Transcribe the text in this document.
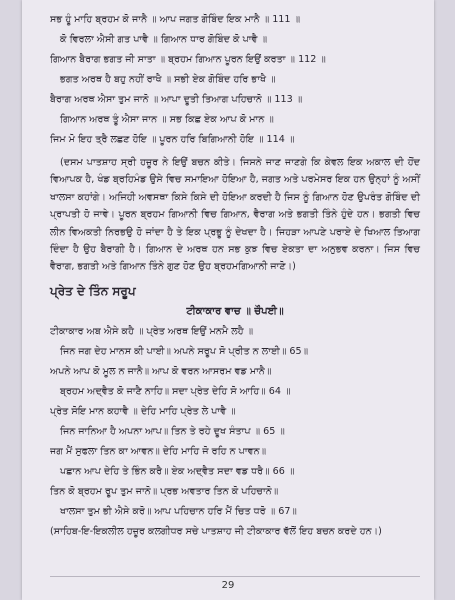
ਸਭ ਹੂੰ ਮਾਹਿ ਬ੍ਰਹਮ ਕੋ ਜਾਨੈ ॥ ਆਪ ਜਗਤ ਗੋਬਿੰਦ ਇਕ ਮਾਨੈ ॥ 111 ॥
ਕੋ ਵਿਰਲਾ ਐਸੀ ਗਤ ਪਾਵੈ ॥ ਗਿਆਨ ਧਾਰ ਗੋਬਿੰਦ ਕੋ ਪਾਵੈ ॥
ਗਿਆਨ ਬੈਰਾਗ ਭਗਤ ਜੀ ਸਾਤਾ ॥ ਬ੍ਰਹਮ ਗਿਆਨ ਪੂਰਨ ਇਉਂ ਕਰਤਾ ॥ 112 ॥
ਭਗਤ ਅਰਥ ਹੈ ਬਹੁ ਨਹੀਂ ਰਾਖੈ ॥ ਸਭੀ ਏਕ ਗੋਬਿੰਦ ਹਰਿ ਭਾਖੈ ॥
ਬੈਰਾਗ ਅਰਥ ਐਸਾ ਤੁਮ ਜਾਨੋ ॥ ਆਪਾ ਦੂਤੀ ਤਿਆਗ ਪਹਿਚਾਨੋ ॥ 113 ॥
ਗਿਆਨ ਅਰਥ ਤੂੰ ਐਸਾ ਜਾਨ ॥ ਸਭ ਕਿਛ ਏਕ ਆਪ ਕੋ ਮਾਨ ॥
ਜਿਮ ਮੋ ਇਹ ਤ੍ਰੈ ਲਛਣ ਹੋਇ ॥ ਪੂਰਨ ਹਰਿ ਬਿਗਿਆਨੀ ਹੋਇ ॥ 114 ॥
(ਦਸਮ ਪਾਤਸ਼ਾਹ ਸ੍ਰੀ ਹਜ਼ੂਰ ਨੇ ਇਉਂ ਬਚਨ ਕੀਤੇ। ਜਿਸਨੇ ਜਾਣ ਜਾਣਗੇ ਕਿ ਕੇਵਲ ਇਕ ਅਕਾਲ ਦੀ ਹੋਂਦ ਵਿਆਪਕ ਹੈ, ਖੰਡ ਬ੍ਰਹਿਮੰਡ ਉਸੇ ਵਿਚ ਸਮਾਇਆ ਹੋਇਆ ਹੈ, ਜਗਤ ਅਤੇ ਪਰਮੇਸਰ ਇਕ ਹਨ ਉਨ੍ਹਾਂ ਨੂੰ ਅਸੀਂ ਖਾਲਸਾ ਕਹਾਂਗੇ। ਅਜਿਹੀ ਅਵਸਥਾ ਕਿਸੇ ਕਿਸੇ ਦੀ ਹੋਇਆ ਕਰਦੀ ਹੈ ਜਿਸ ਨੂੰ ਗਿਆਨ ਹੋਣ ਉਪਰੰਤ ਗੋਬਿੰਦ ਦੀ ਪ੍ਰਾਪਤੀ ਹੋ ਜਾਵੇ। ਪੂਰਨ ਬ੍ਰਹਮ ਗਿਆਨੀ ਵਿਚ ਗਿਆਨ, ਵੈਰਾਗ ਅਤੇ ਭਗਤੀ ਤਿੰਨੇ ਹੁੰਦੇ ਹਨ। ਭਗਤੀ ਵਿਚ ਲੀਨ ਵਿਅਕਤੀ ਨਿਰਭਉ ਹੋ ਜਾਂਦਾ ਹੈ ਤੇ ਇਕ ਪ੍ਰਭੂ ਨੂੰ ਦੇਖਦਾ ਹੈ। ਜਿਹੜਾ ਆਪਣੇ ਪਰਾਏ ਦੇ ਖਿਆਲ ਤਿਆਗ ਦਿੰਦਾ ਹੈ ਉਹ ਬੈਰਾਗੀ ਹੈ। ਗਿਆਨ ਦੇ ਅਰਥ ਹਨ ਸਭ ਕੁਝ ਵਿਚ ਏਕਤਾ ਦਾ ਅਨੁਭਵ ਕਰਨਾ। ਜਿਸ ਵਿਚ ਵੈਰਾਗ, ਭਗਤੀ ਅਤੇ ਗਿਆਨ ਤਿੰਨੇ ਗੁਣ ਹੋਣ ਉਹ ਬ੍ਰਹਮਗਿਆਨੀ ਜਾਣੋ।)
ਪ੍ਰੇਤ ਦੇ ਤਿੰਨ ਸਰੂਪ
ਟੀਕਾਕਾਰ ਵਾਚ ॥ ਚੌਪਈ॥
ਟੀਕਾਕਾਰ ਅਬ ਐਸੇ ਕਹੈ ॥ ਪ੍ਰੇਤ ਅਰਥ ਇਉਂ ਮਨਮੈ ਲਹੈ ॥
ਜਿਨ ਜਗ ਦੇਹ ਮਾਨਸ ਕੀ ਪਾਈ॥ ਅਪਨੇ ਸਰੂਪ ਸੋ ਪ੍ਰੀਤ ਨ ਲਾਈ॥ 65॥
ਅਪਨੇ ਆਪ ਕੋ ਮੂਲ ਨ ਜਾਨੈ॥ ਆਪ ਕੋ ਵਰਨ ਆਸਰਮ ਵਡ ਮਾਨੈ॥
ਬ੍ਰਹਮ ਅਦ੍ਵੈਤ ਕੋ ਜਾਣੈ ਨਾਹਿ॥ ਸਦਾ ਪ੍ਰੇਤ ਦੇਹਿ ਸੋ ਆਹਿ॥ 64 ॥
ਪ੍ਰੇਤ ਸੋਇ ਮਾਨ ਕਹਾਵੈ ॥ ਦੇਹਿ ਮਾਹਿ ਪ੍ਰੇਤ ਲੇ ਪਾਵੈ ॥
ਜਿਨ ਜਾਨਿਆ ਹੈ ਅਪਨਾ ਆਪ॥ ਤਿਨ ਤੇ ਰਹੇ ਦੂਖ ਸੰਤਾਪ ॥ 65 ॥
ਜਗ ਮੈਂ ਸੁਫਲਾ ਤਿਨ ਕਾ ਆਵਨ॥ ਦੇਹਿ ਮਾਹਿ ਜੋ ਰਹਿ ਨ ਪਾਵਨ॥
ਪਛਾਨ ਆਪ ਦੇਹਿ ਤੇ ਭਿੰਨ ਕਰੈ॥ ਏਕ ਅਦ੍ਵੈਤ ਸਦਾ ਵਡ ਧਰੈ॥ 66 ॥
ਤਿਨ ਕੋ ਬ੍ਰਹਮ ਰੂਪ ਤੁਮ ਜਾਨੋ॥ ਪ੍ਰਭ ਅਵਤਾਰ ਤਿਨ ਕੋ ਪਹਿਚਾਨੋ॥
ਖਾਲਸਾ ਤੁਮ ਭੀ ਐਸੇ ਕਰੋ॥ ਆਪ ਪਹਿਚਾਨ ਹਰਿ ਮੈਂ ਚਿਤ ਧਰੋ ॥ 67॥
(ਸਾਹਿਬ-ਇ-ਇਕਲੀਲ ਹਜ਼ੂਰ ਕਲਗੀਧਰ ਸਚੇ ਪਾਤਸ਼ਾਹ ਜੀ ਟੀਕਾਕਾਰ ਵੱਲੋਂ ਇਹ ਬਚਨ ਕਰਦੇ ਹਨ।)
29
